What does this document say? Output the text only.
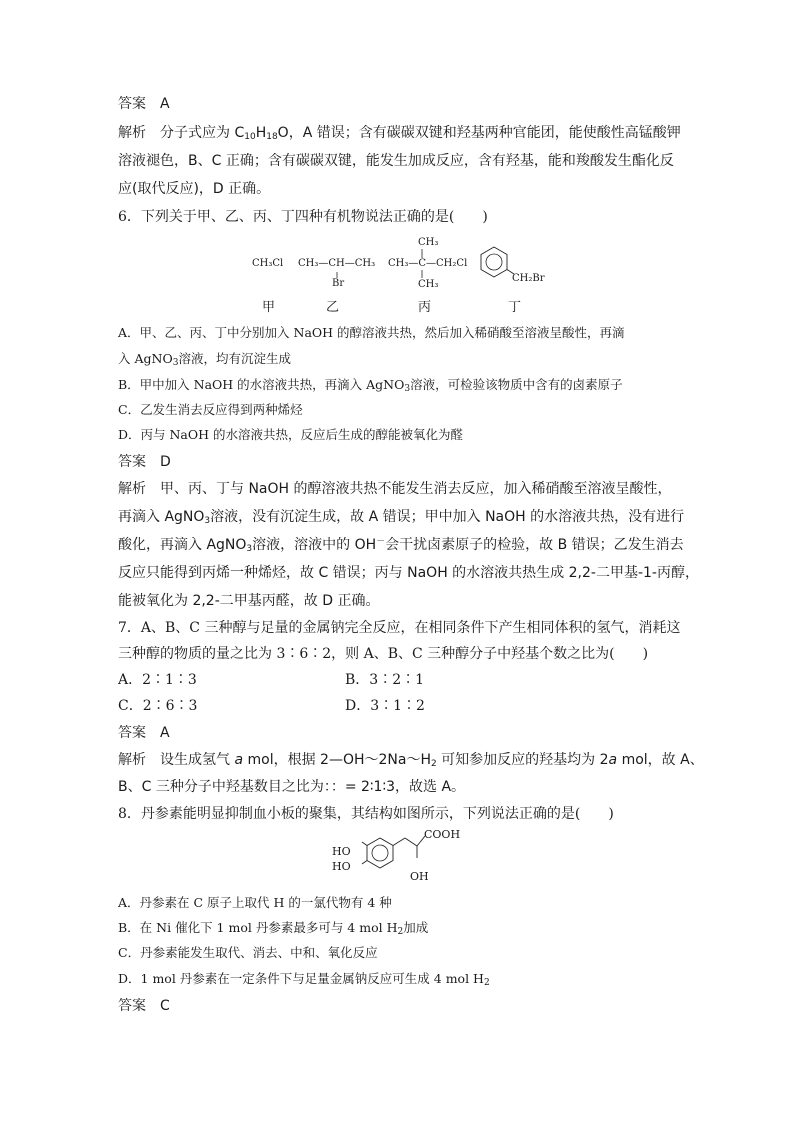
答案  A
解析  分子式应为 $C_{10}H_{18}O$，A 错误；含有碳碳双键和羟基两种官能团，能使酸性高锰酸钾
溶液褪色，B、C 正确；含有碳碳双键，能发生加成反应，含有羟基，能和羧酸发生酯化反
应(取代反应)，D 正确。
6．下列关于甲、乙、丙、丁四种有机物说法正确的是(　　)
CH₃Cl CH₃—CH—CH₃
Br
CH₃
CH₃—C—CH₂Cl
CH₃
CH₂Br
甲	乙	丙	丁
A．甲、乙、丙、丁中分别加入 NaOH 的醇溶液共热，然后加入稀硝酸至溶液呈酸性，再滴
入 AgNO$_3$溶液，均有沉淀生成
B．甲中加入 NaOH 的水溶液共热，再滴入 AgNO$_3$溶液，可检验该物质中含有的卤素原子
C．乙发生消去反应得到两种烯烃
D．丙与 NaOH 的水溶液共热，反应后生成的醇能被氧化为醛
答案  D
解析  甲、丙、丁与 NaOH 的醇溶液共热不能发生消去反应，加入稀硝酸至溶液呈酸性，
再滴入 AgNO$_3$溶液，没有沉淀生成，故 A 错误；甲中加入 NaOH 的水溶液共热，没有进行
酸化，再滴入 AgNO$_3$溶液，溶液中的 OH－会干扰卤素原子的检验，故 B 错误；乙发生消去
反应只能得到丙烯一种烯烃，故 C 错误；丙与 NaOH 的水溶液共热生成 2,2-二甲基-1-丙醇，
能被氧化为 2,2-二甲基丙醛，故 D 正确。
7．A、B、C 三种醇与足量的金属钠完全反应，在相同条件下产生相同体积的氢气，消耗这
三种醇的物质的量之比为 3∶6∶2，则 A、B、C 三种醇分子中羟基个数之比为(　　)
A．2∶1∶3	B．3∶2∶1
C．2∶6∶3	D．3∶1∶2
答案  A
解析  设生成氢气 a mol，根据 $2—OH\sim 2Na\sim H_2$ 可知参加反应的羟基均为 2a mol，故 A、
B、C 三种分子中羟基数目之比为：：= 2∶1∶3，故选 A。
8．丹参素能明显抑制血小板的聚集，其结构如图所示，下列说法正确的是(　　)
COOH
HO
HO
OH
A．丹参素在 C 原子上取代 H 的一氯代物有 4 种
B．在 Ni 催化下 1 mol 丹参素最多可与 4 mol $H_2$加成
C．丹参素能发生取代、消去、中和、氧化反应
D．1 mol 丹参素在一定条件下与足量金属钠反应可生成 4 mol $H_2$
答案  C
